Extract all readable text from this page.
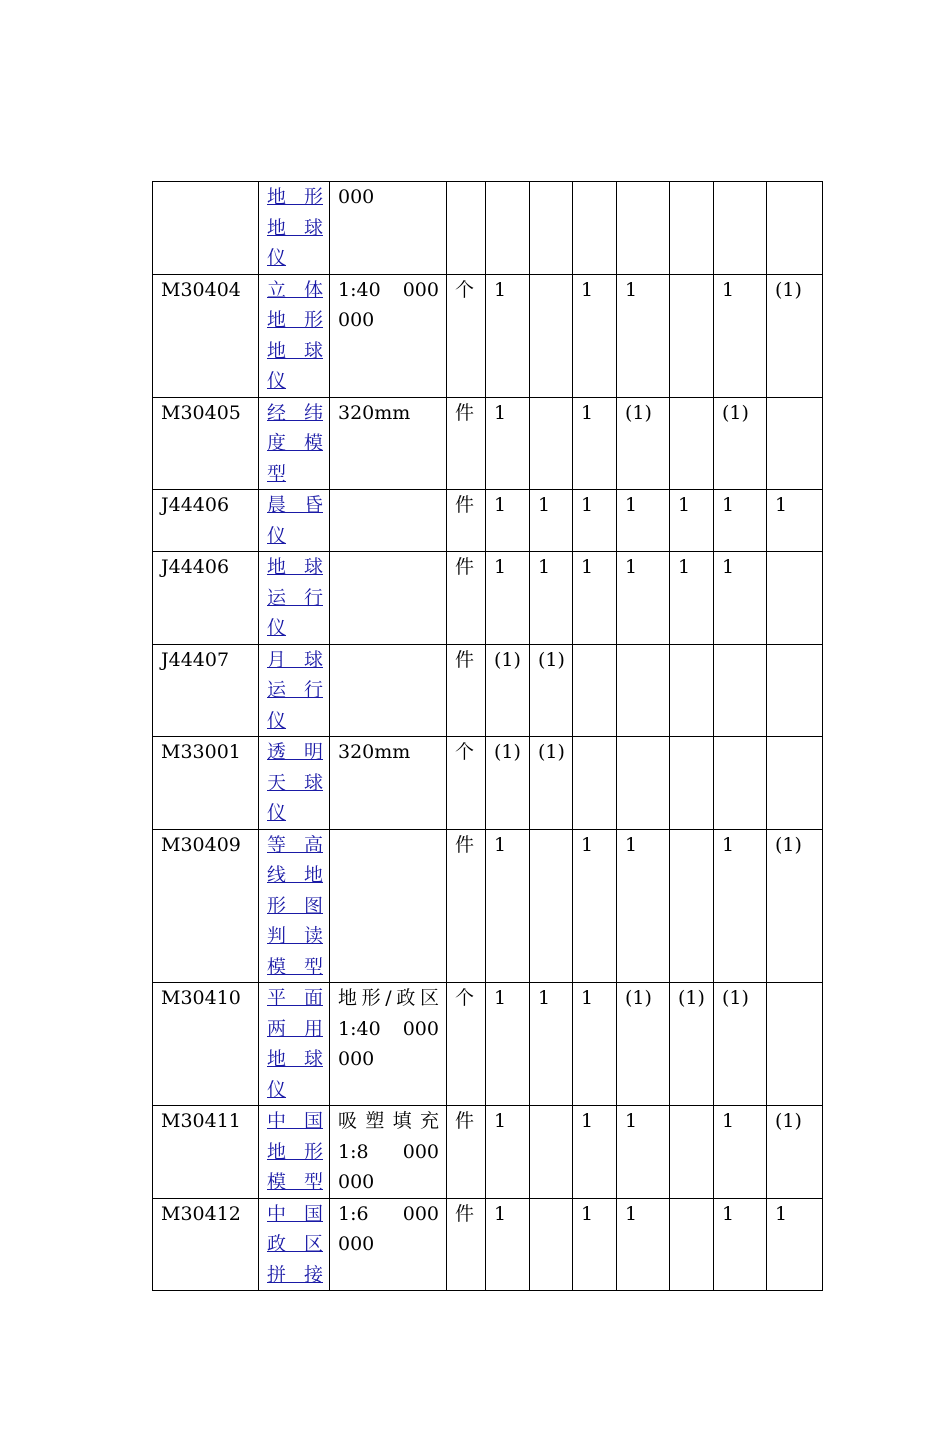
	地 形
地 球
仪	000								

M30404	立 体
地 形
地 球
仪	1:40 000
000	个	1		1	1		1	(1)
M30405	经 纬
度 模
型	320mm	件	1		1	(1)		(1)	
J44406	晨 昏
仪		件	1	1	1	1	1	1	1
J44406	地 球
运 行
仪		件	1	1	1	1	1	1	
J44407	月 球
运 行
仪		件	(1)	(1)					
M33001	透 明
天 球
仪	320mm	个	(1)	(1)					
M30409	等 高
线 地
形 图
判 读
模型		件	1		1	1		1	(1)
M30410	平 面
两 用
地 球
仪	地形/政区
1:40 000
000	个	1	1	1	(1)	(1)	(1)	
M30411	中 国
地 形
模型	吸塑填充
1:8 000
000	件	1		1	1		1	(1)
M30412	中 国
政 区
拼 接	1:6 000
000	件	1		1	1		1	1
